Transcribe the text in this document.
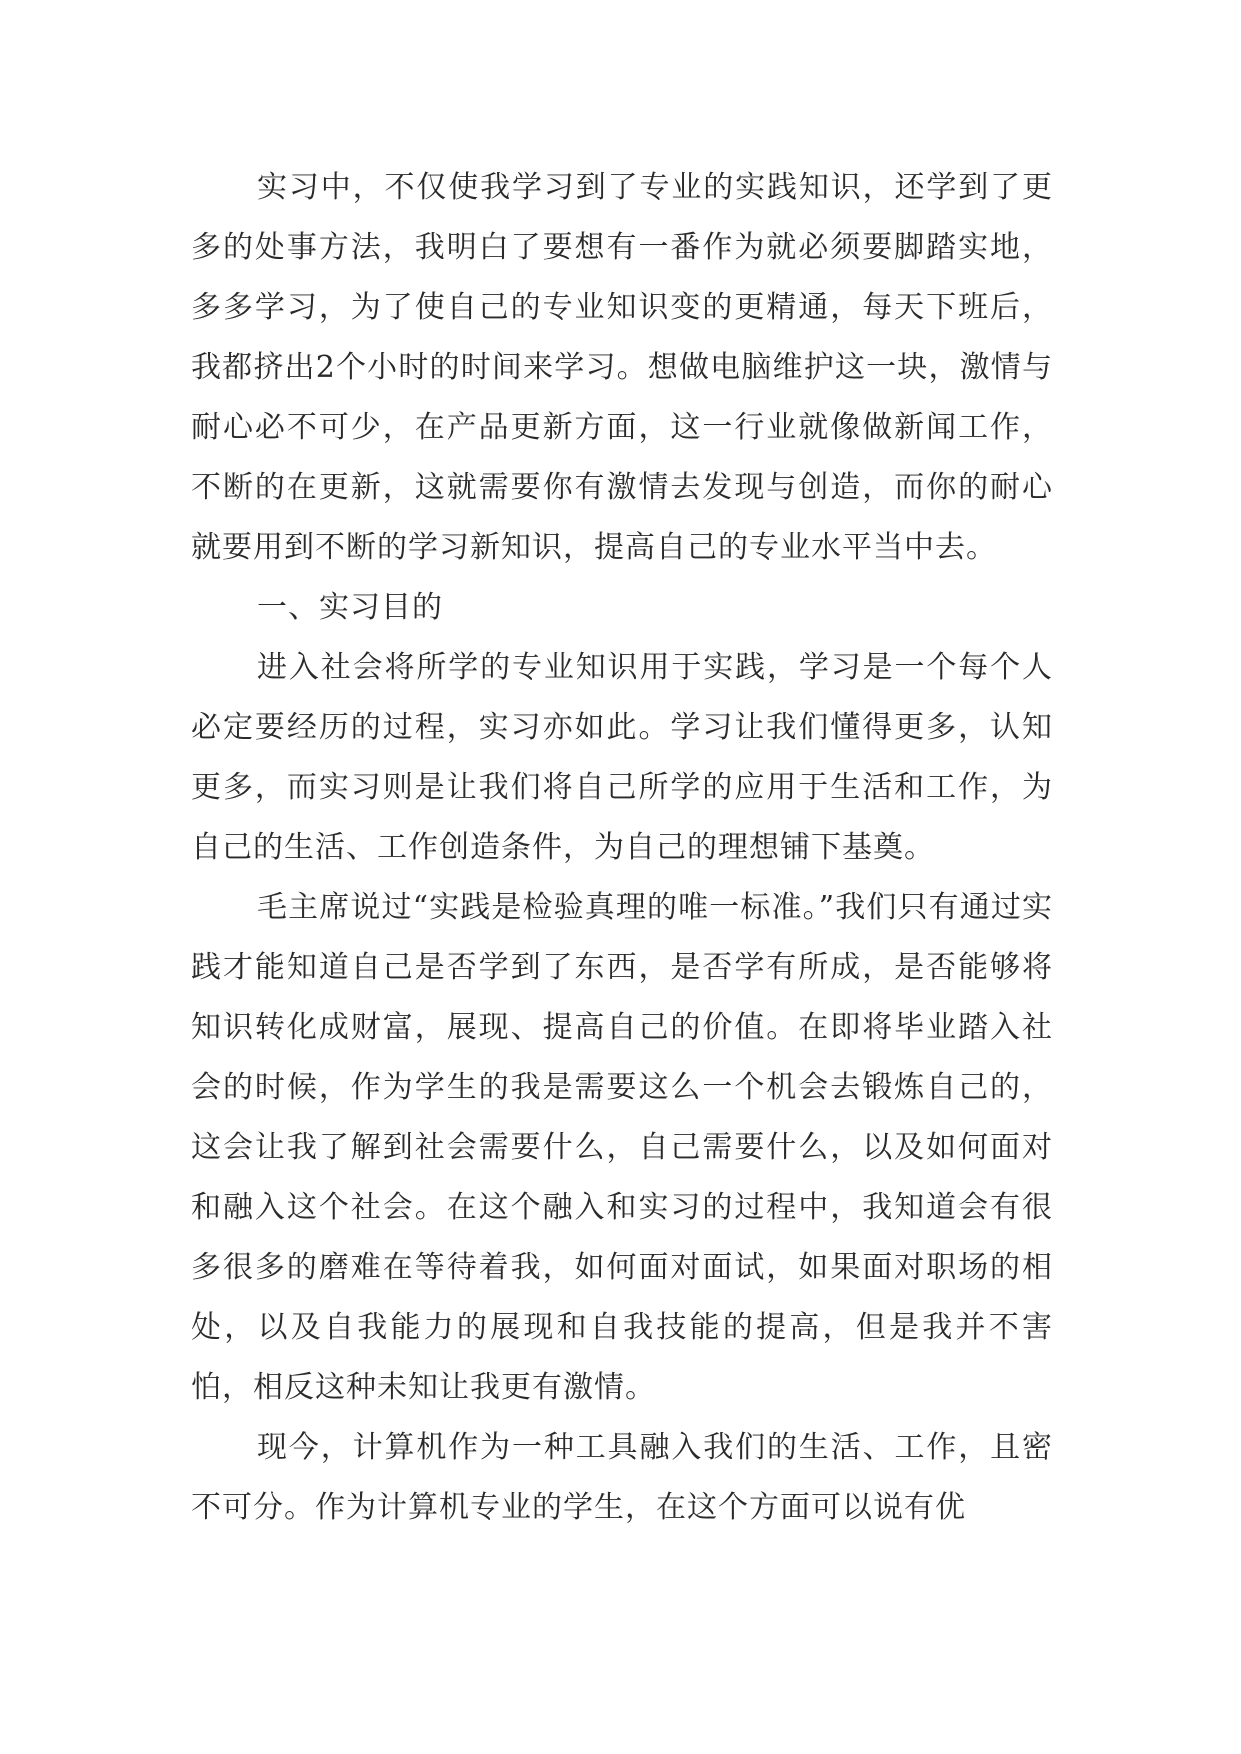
实习中，不仅使我学习到了专业的实践知识，还学到了更多的处事方法，我明白了要想有一番作为就必须要脚踏实地，多多学习，为了使自己的专业知识变的更精通，每天下班后，我都挤出2个小时的时间来学习。想做电脑维护这一块，激情与耐心必不可少，在产品更新方面，这一行业就像做新闻工作，不断的在更新，这就需要你有激情去发现与创造，而你的耐心就要用到不断的学习新知识，提高自己的专业水平当中去。

一、实习目的

进入社会将所学的专业知识用于实践，学习是一个每个人必定要经历的过程，实习亦如此。学习让我们懂得更多，认知更多，而实习则是让我们将自己所学的应用于生活和工作，为自己的生活、工作创造条件，为自己的理想铺下基奠。

毛主席说过“实践是检验真理的唯一标准。”我们只有通过实践才能知道自己是否学到了东西，是否学有所成，是否能够将知识转化成财富，展现、提高自己的价值。在即将毕业踏入社会的时候，作为学生的我是需要这么一个机会去锻炼自己的，这会让我了解到社会需要什么，自己需要什么，以及如何面对和融入这个社会。在这个融入和实习的过程中，我知道会有很多很多的磨难在等待着我，如何面对面试，如果面对职场的相处，以及自我能力的展现和自我技能的提高，但是我并不害怕，相反这种未知让我更有激情。

现今，计算机作为一种工具融入我们的生活、工作，且密不可分。作为计算机专业的学生，在这个方面可以说有优
